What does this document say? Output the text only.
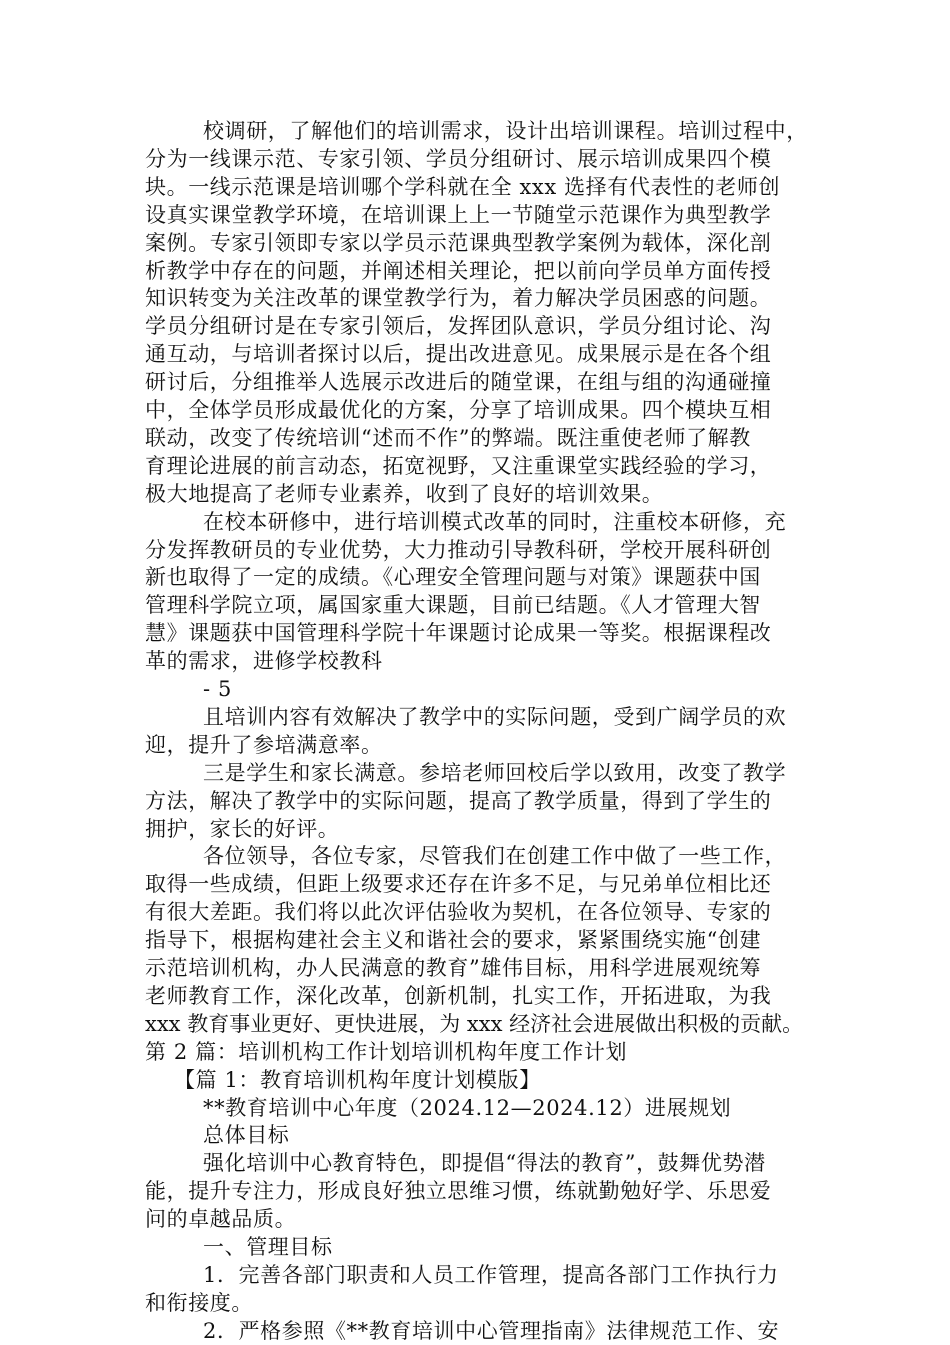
校调研，了解他们的培训需求，设计出培训课程。培训过程中，
分为一线课示范、专家引领、学员分组研讨、展示培训成果四个模
块。一线示范课是培训哪个学科就在全 xxx 选择有代表性的老师创
设真实课堂教学环境，在培训课上上一节随堂示范课作为典型教学
案例。专家引领即专家以学员示范课典型教学案例为载体，深化剖
析教学中存在的问题，并阐述相关理论，把以前向学员单方面传授
知识转变为关注改革的课堂教学行为，着力解决学员困惑的问题。
学员分组研讨是在专家引领后，发挥团队意识，学员分组讨论、沟
通互动，与培训者探讨以后，提出改进意见。成果展示是在各个组
研讨后，分组推举人选展示改进后的随堂课，在组与组的沟通碰撞
中，全体学员形成最优化的方案，分享了培训成果。四个模块互相
联动，改变了传统培训“述而不作”的弊端。既注重使老师了解教
育理论进展的前言动态，拓宽视野，又注重课堂实践经验的学习，
极大地提高了老师专业素养，收到了良好的培训效果。
在校本研修中，进行培训模式改革的同时，注重校本研修，充
分发挥教研员的专业优势，大力推动引导教科研，学校开展科研创
新也取得了一定的成绩。《心理安全管理问题与对策》课题获中国
管理科学院立项，属国家重大课题，目前已结题。《人才管理大智
慧》课题获中国管理科学院十年课题讨论成果一等奖。根据课程改
革的需求，进修学校教科
- 5
且培训内容有效解决了教学中的实际问题，受到广阔学员的欢
迎，提升了参培满意率。
三是学生和家长满意。参培老师回校后学以致用，改变了教学
方法，解决了教学中的实际问题，提高了教学质量，得到了学生的
拥护，家长的好评。
各位领导，各位专家，尽管我们在创建工作中做了一些工作，
取得一些成绩，但距上级要求还存在许多不足，与兄弟单位相比还
有很大差距。我们将以此次评估验收为契机，在各位领导、专家的
指导下，根据构建社会主义和谐社会的要求，紧紧围绕实施“创建
示范培训机构，办人民满意的教育”雄伟目标，用科学进展观统筹
老师教育工作，深化改革，创新机制，扎实工作，开拓进取，为我
xxx 教育事业更好、更快进展，为 xxx 经济社会进展做出积极的贡献。
第 2 篇：培训机构工作计划培训机构年度工作计划
【篇 1：教育培训机构年度计划模版】
**教育培训中心年度（2024.12—2024.12）进展规划
总体目标
强化培训中心教育特色，即提倡“得法的教育”，鼓舞优势潜
能，提升专注力，形成良好独立思维习惯，练就勤勉好学、乐思爱
问的卓越品质。
一、管理目标
1．完善各部门职责和人员工作管理，提高各部门工作执行力
和衔接度。
2．严格参照《**教育培训中心管理指南》法律规范工作、安
